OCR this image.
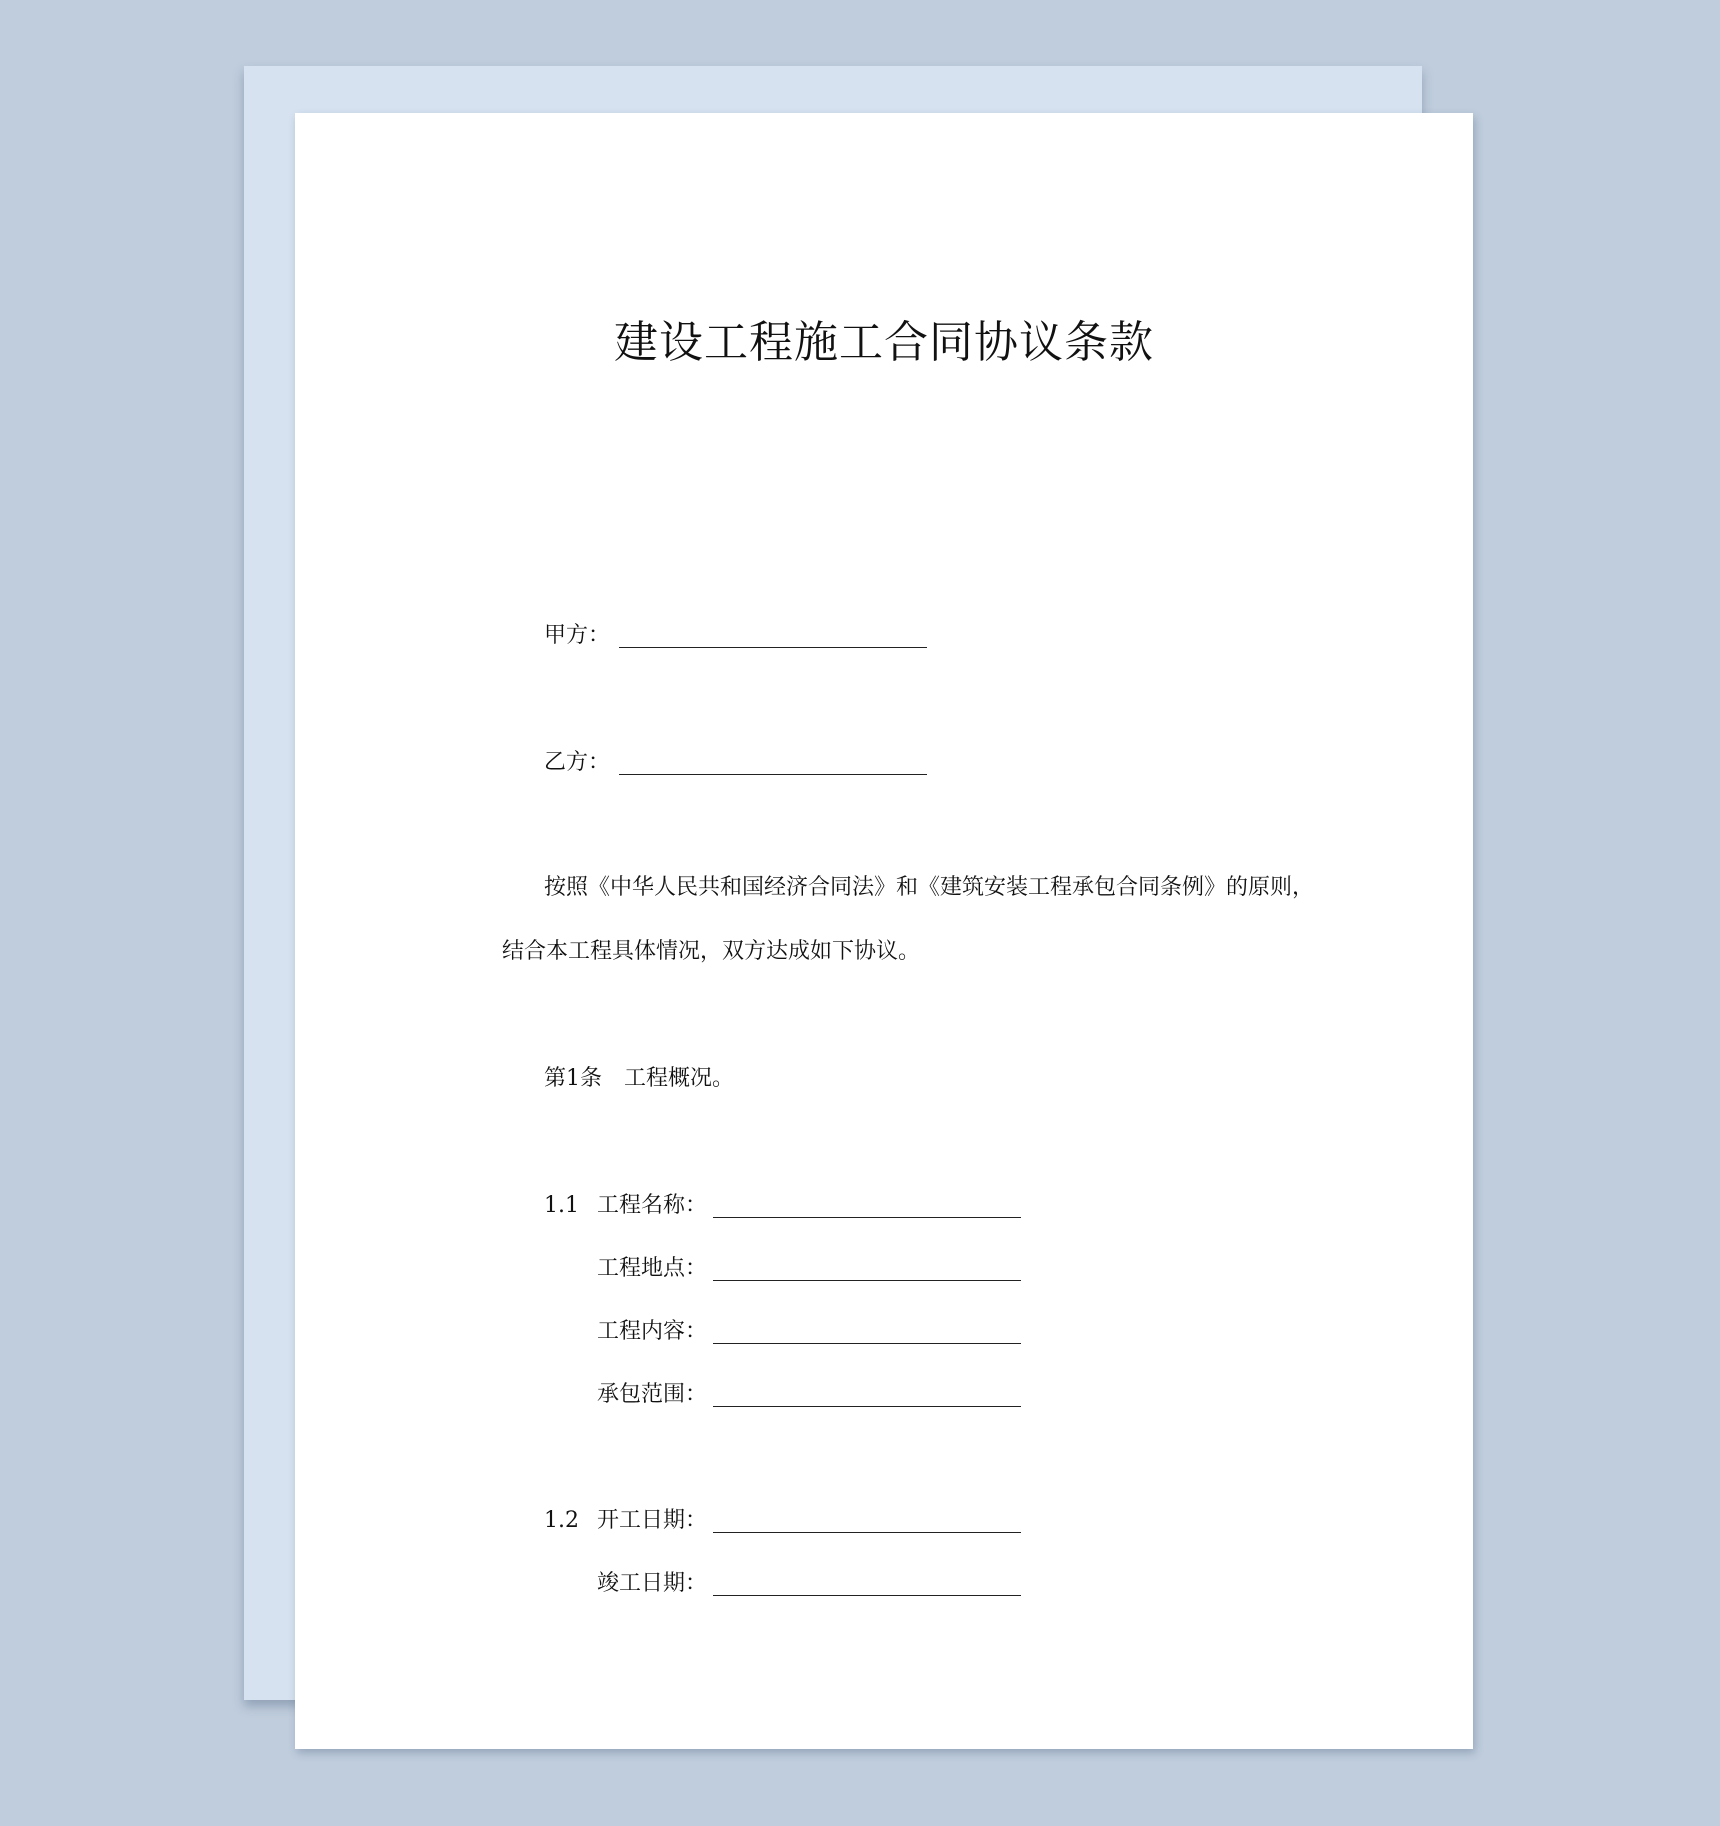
建设工程施工合同协议条款
甲方：
乙方：
按照《中华人民共和国经济合同法》和《建筑安装工程承包合同条例》的原则，
结合本工程具体情况，双方达成如下协议。
第1条　工程概况。
1.1 工程名称：
工程地点：
工程内容：
承包范围：
1.2 开工日期：
竣工日期：
